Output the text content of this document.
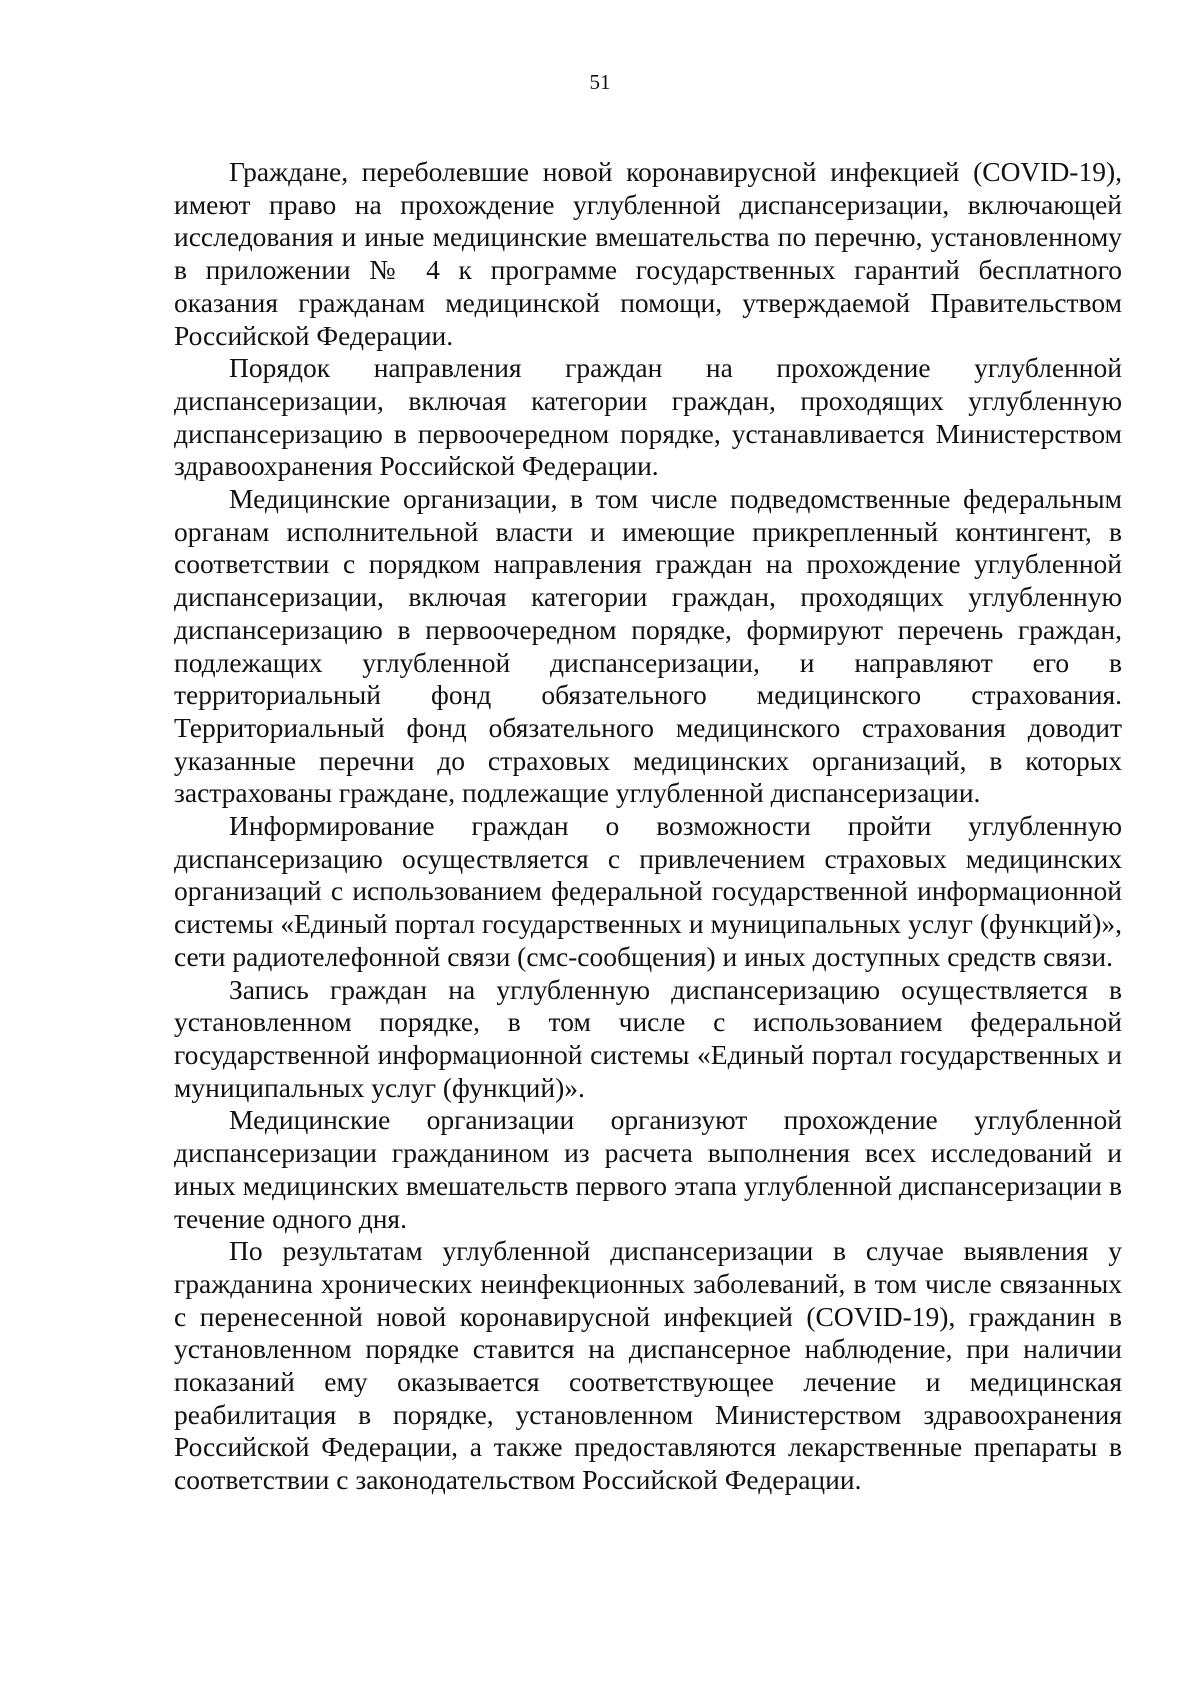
51

Граждане, переболевшие новой коронавирусной инфекцией (COVID-19), имеют право на прохождение углубленной диспансеризации, включающей исследования и иные медицинские вмешательства по перечню, установленному в приложении № 4 к программе государственных гарантий бесплатного оказания гражданам медицинской помощи, утверждаемой Правительством Российской Федерации.

Порядок направления граждан на прохождение углубленной диспансеризации, включая категории граждан, проходящих углубленную диспансеризацию в первоочередном порядке, устанавливается Министерством здравоохранения Российской Федерации.

Медицинские организации, в том числе подведомственные федеральным органам исполнительной власти и имеющие прикрепленный контингент, в соответствии с порядком направления граждан на прохождение углубленной диспансеризации, включая категории граждан, проходящих углубленную диспансеризацию в первоочередном порядке, формируют перечень граждан, подлежащих углубленной диспансеризации, и направляют его в территориальный фонд обязательного медицинского страхования. Территориальный фонд обязательного медицинского страхования доводит указанные перечни до страховых медицинских организаций, в которых застрахованы граждане, подлежащие углубленной диспансеризации.

Информирование граждан о возможности пройти углубленную диспансеризацию осуществляется с привлечением страховых медицинских организаций с использованием федеральной государственной информационной системы «Единый портал государственных и муниципальных услуг (функций)», сети радиотелефонной связи (смс-сообщения) и иных доступных средств связи.

Запись граждан на углубленную диспансеризацию осуществляется в установленном порядке, в том числе с использованием федеральной государственной информационной системы «Единый портал государственных и муниципальных услуг (функций)».

Медицинские организации организуют прохождение углубленной диспансеризации гражданином из расчета выполнения всех исследований и иных медицинских вмешательств первого этапа углубленной диспансеризации в течение одного дня.

По результатам углубленной диспансеризации в случае выявления у гражданина хронических неинфекционных заболеваний, в том числе связанных с перенесенной новой коронавирусной инфекцией (COVID-19), гражданин в установленном порядке ставится на диспансерное наблюдение, при наличии показаний ему оказывается соответствующее лечение и медицинская реабилитация в порядке, установленном Министерством здравоохранения Российской Федерации, а также предоставляются лекарственные препараты в соответствии с законодательством Российской Федерации.
